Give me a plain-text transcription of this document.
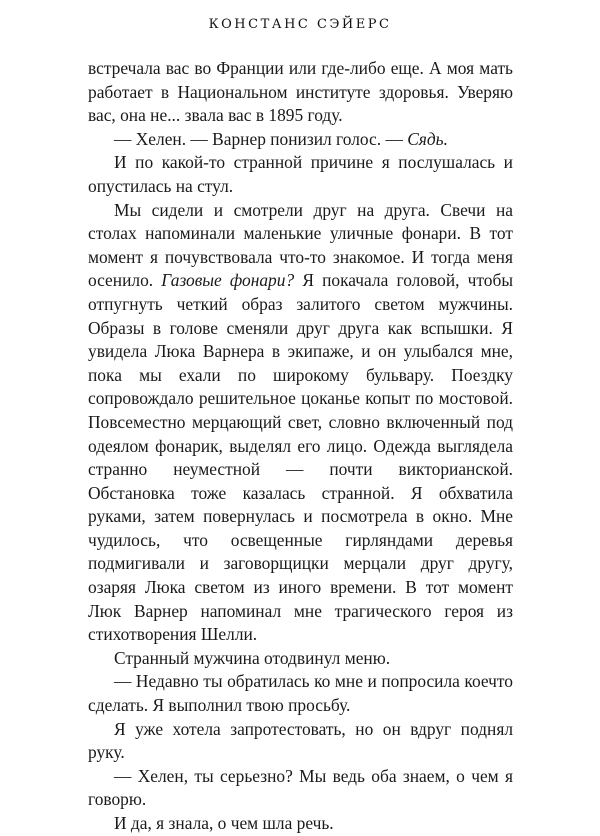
КОНСТАНС СЭЙЕРС

встречала вас во Франции или где-либо еще. А моя мать работает в Национальном институте здоровья. Уверяю вас, она не... звала вас в 1895 году.

— Хелен. — Варнер понизил голос. — Сядь.

И по какой-то странной причине я послушалась и опустилась на стул.

Мы сидели и смотрели друг на друга. Свечи на столах напоминали маленькие уличные фонари. В тот момент я почувствовала что-то знакомое. И тогда меня осенило. Газовые фонари? Я покачала головой, чтобы отпугнуть четкий образ залитого светом мужчины. Образы в голове сменяли друг друга как вспышки. Я увидела Люка Варнера в экипаже, и он улыбался мне, пока мы ехали по широкому бульвару. Поездку сопровождало решительное цоканье копыт по мостовой. Повсеместно мерцающий свет, словно включенный под одеялом фонарик, выделял его лицо. Одежда выглядела странно неуместной — почти викторианской. Обстановка тоже казалась странной. Я обхватила руками, затем повернулась и посмотрела в окно. Мне чудилось, что освещенные гирляндами деревья подмигивали и заговорщицки мерцали друг другу, озаряя Люка светом из иного времени. В тот момент Люк Варнер напоминал мне трагического героя из стихотворения Шелли.

Странный мужчина отодвинул меню.

— Недавно ты обратилась ко мне и попросила коечто сделать. Я выполнил твою просьбу.

Я уже хотела запротестовать, но он вдруг поднял руку.

— Хелен, ты серьезно? Мы ведь оба знаем, о чем я говорю.

И да, я знала, о чем шла речь.
